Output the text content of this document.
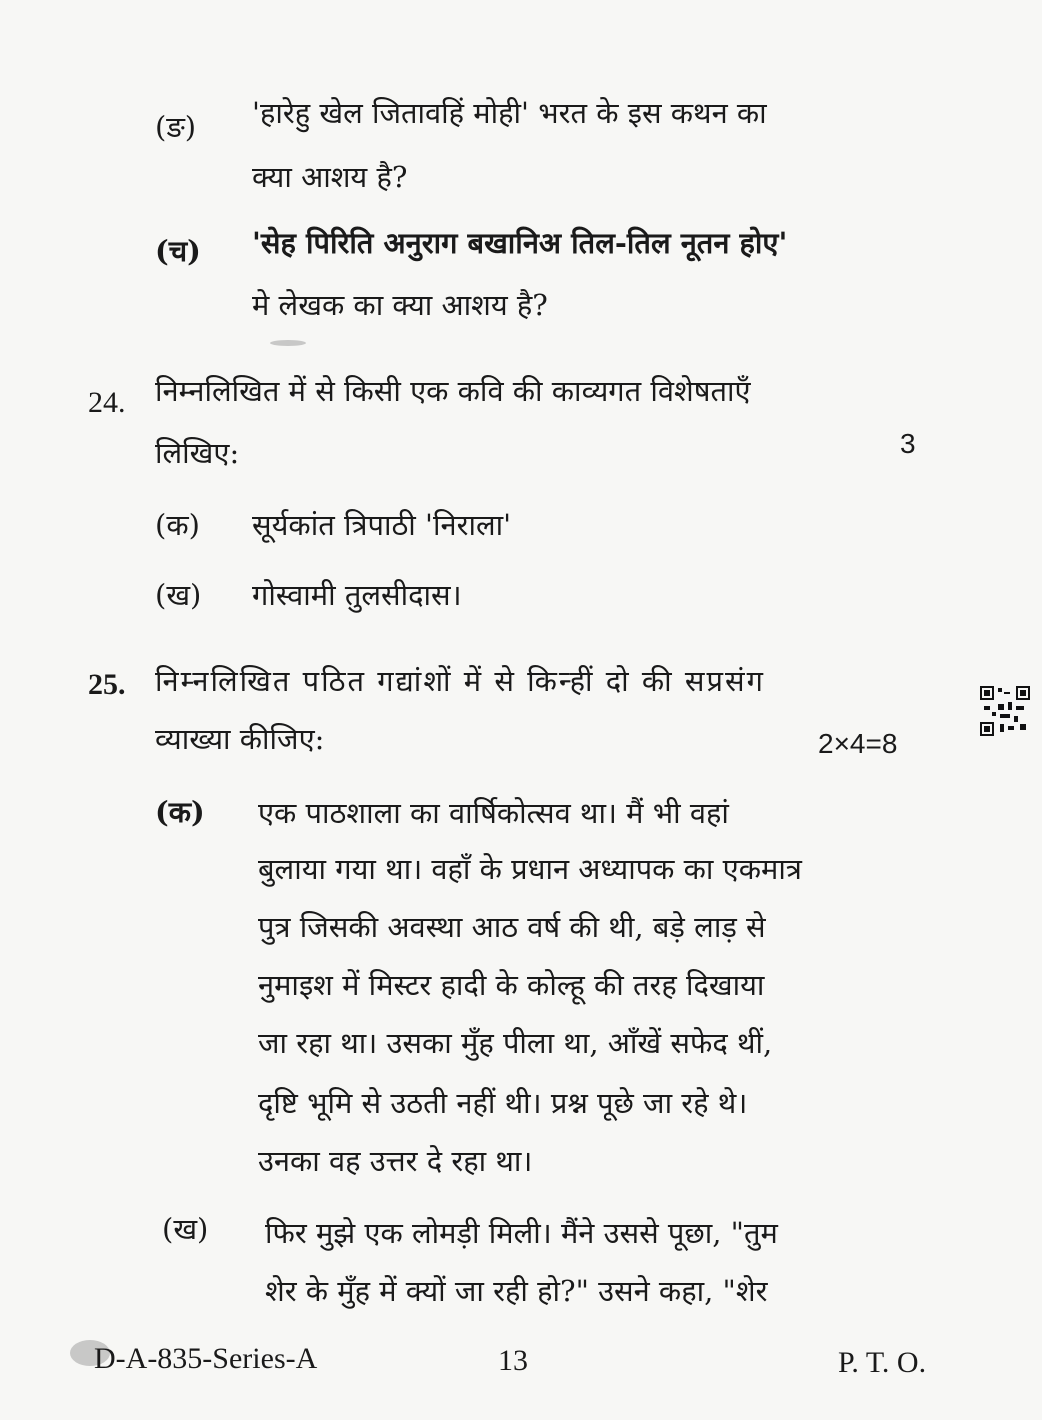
(ङ) 'हारेहु खेल जितावहिं मोही' भरत के इस कथन का
क्या आशय है?
(च) 'सेह पिरिति अनुराग बखानिअ तिल-तिल नूतन होए'
मे लेखक का क्या आशय है?
24. निम्नलिखित में से किसी एक कवि की काव्यगत विशेषताएँ
लिखिए:	3
(क) सूर्यकांत त्रिपाठी 'निराला'
(ख) गोस्वामी तुलसीदास।
25. निम्नलिखित पठित गद्यांशों में से किन्हीं दो की सप्रसंग
व्याख्या कीजिए:	2×4=8
(क) एक पाठशाला का वार्षिकोत्सव था। मैं भी वहां
बुलाया गया था। वहाँ के प्रधान अध्यापक का एकमात्र
पुत्र जिसकी अवस्था आठ वर्ष की थी, बड़े लाड़ से
नुमाइश में मिस्टर हादी के कोल्हू की तरह दिखाया
जा रहा था। उसका मुँह पीला था, आँखें सफेद थीं,
दृष्टि भूमि से उठती नहीं थी। प्रश्न पूछे जा रहे थे।
उनका वह उत्तर दे रहा था।
(ख) फिर मुझे एक लोमड़ी मिली। मैंने उससे पूछा, "तुम
शेर के मुँह में क्यों जा रही हो?" उसने कहा, "शेर
D-A-835-Series-A	13	P. T. O.
